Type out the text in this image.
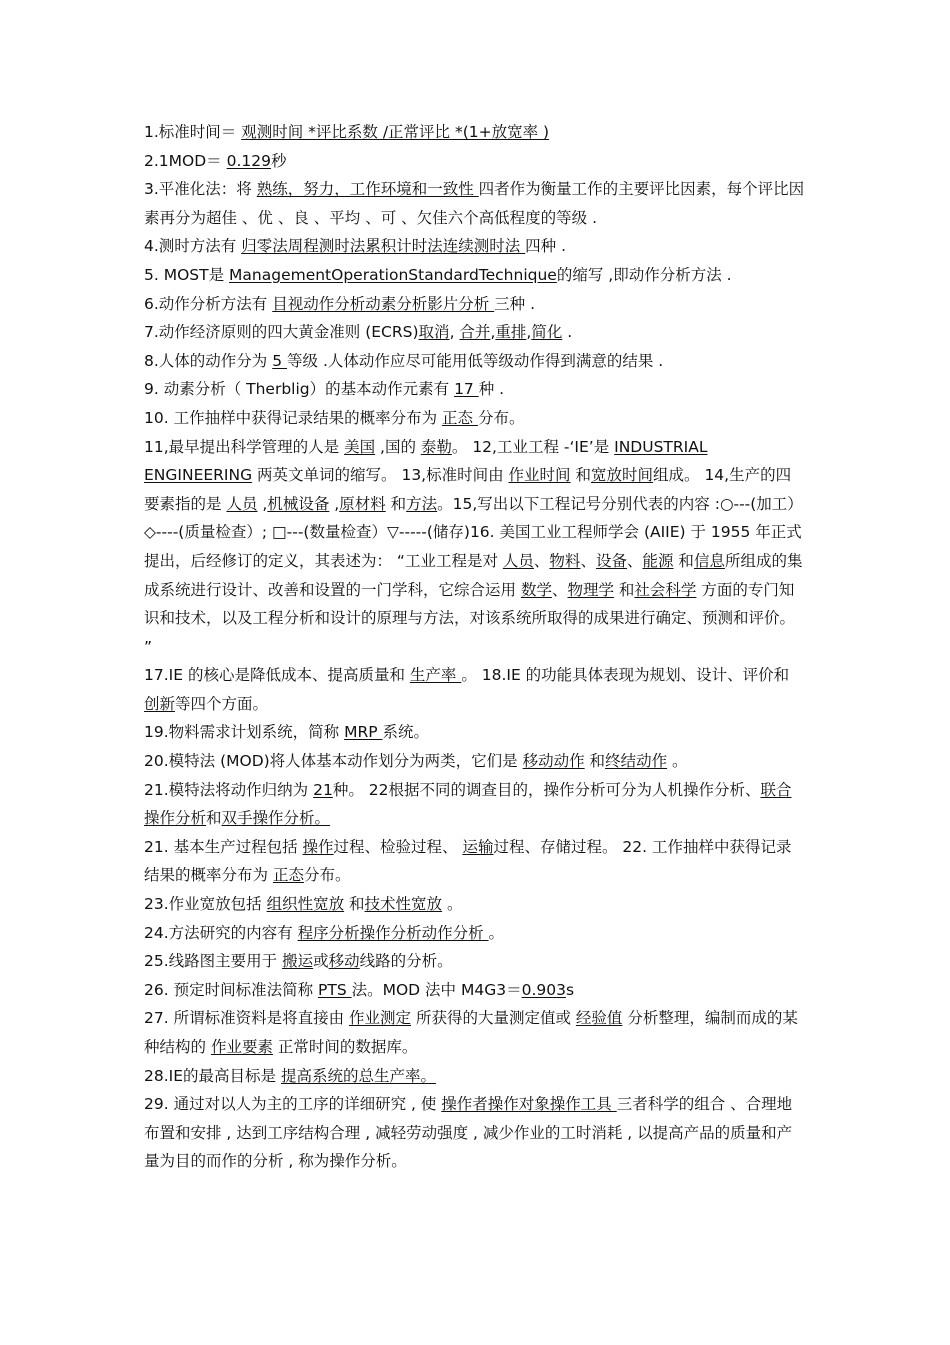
1.标准时间＝ 观测时间 *评比系数 /正常评比 *(1+放宽率 )

2.1MOD＝ 0.129秒

3.平准化法：将 熟练，努力，工作环境和一致性 四者作为衡量工作的主要评比因素，每个评比因素再分为超佳 、优 、良 、平均 、可 、欠佳六个高低程度的等级 .

4.测时方法有 归零法周程测时法累积计时法连续测时法 四种 .

5. MOST是 ManagementOperationStandardTechnique的缩写 ,即动作分析方法 .

6.动作分析方法有 目视动作分析动素分析影片分析 三种 .

7.动作经济原则的四大黄金准则 (ECRS)取消, 合并,重排,简化 .

8.人体的动作分为 5 等级 .人体动作应尽可能用低等级动作得到满意的结果 .

9. 动素分析（ Therblig）的基本动作元素有 17 种 .

10. 工作抽样中获得记录结果的概率分布为 正态 分布。

11,最早提出科学管理的人是 美国 ,国的 泰勒。 12,工业工程 -‘IE’是 INDUSTRIAL ENGINEERING 两英文单词的缩写。 13,标准时间由 作业时间 和宽放时间组成。 14,生产的四要素指的是 人员 ,机械设备 ,原材料 和方法。15,写出以下工程记号分别代表的内容 :○---(加工） ◇----(质量检查）; □---(数量检查）▽-----(储存)16. 美国工业工程师学会 (AIIE) 于 1955 年正式提出，后经修订的定义，其表述为： “工业工程是对 人员、物料、设备、能源 和信息所组成的集成系统进行设计、改善和设置的一门学科，它综合运用 数学、物理学 和社会科学 方面的专门知识和技术，以及工程分析和设计的原理与方法，对该系统所取得的成果进行确定、预测和评价。 ”

17.IE 的核心是降低成本、提高质量和 生产率 。 18.IE 的功能具体表现为规划、设计、评价和 创新等四个方面。

19.物料需求计划系统，简称 MRP 系统。

20.模特法 (MOD)将人体基本动作划分为两类，它们是 移动动作 和终结动作 。

21.模特法将动作归纳为 21种。 22根据不同的调查目的，操作分析可分为人机操作分析、联合操作分析和双手操作分析。

21. 基本生产过程包括 操作过程、检验过程、 运输过程、存储过程。 22. 工作抽样中获得记录结果的概率分布为 正态分布。

23.作业宽放包括 组织性宽放 和技术性宽放 。

24.方法研究的内容有 程序分析操作分析动作分析 。

25.线路图主要用于 搬运或移动线路的分析。

26. 预定时间标准法简称 PTS 法。MOD 法中 M4G3＝0.903s

27. 所谓标准资料是将直接由 作业测定 所获得的大量测定值或 经验值 分析整理，编制而成的某种结构的 作业要素 正常时间的数据库。

28.IE的最高目标是 提高系统的总生产率。

29. 通过对以人为主的工序的详细研究 , 使 操作者操作对象操作工具 三者科学的组合 、合理地布置和安排 , 达到工序结构合理 , 减轻劳动强度 , 减少作业的工时消耗 , 以提高产品的质量和产量为目的而作的分析 , 称为操作分析。
